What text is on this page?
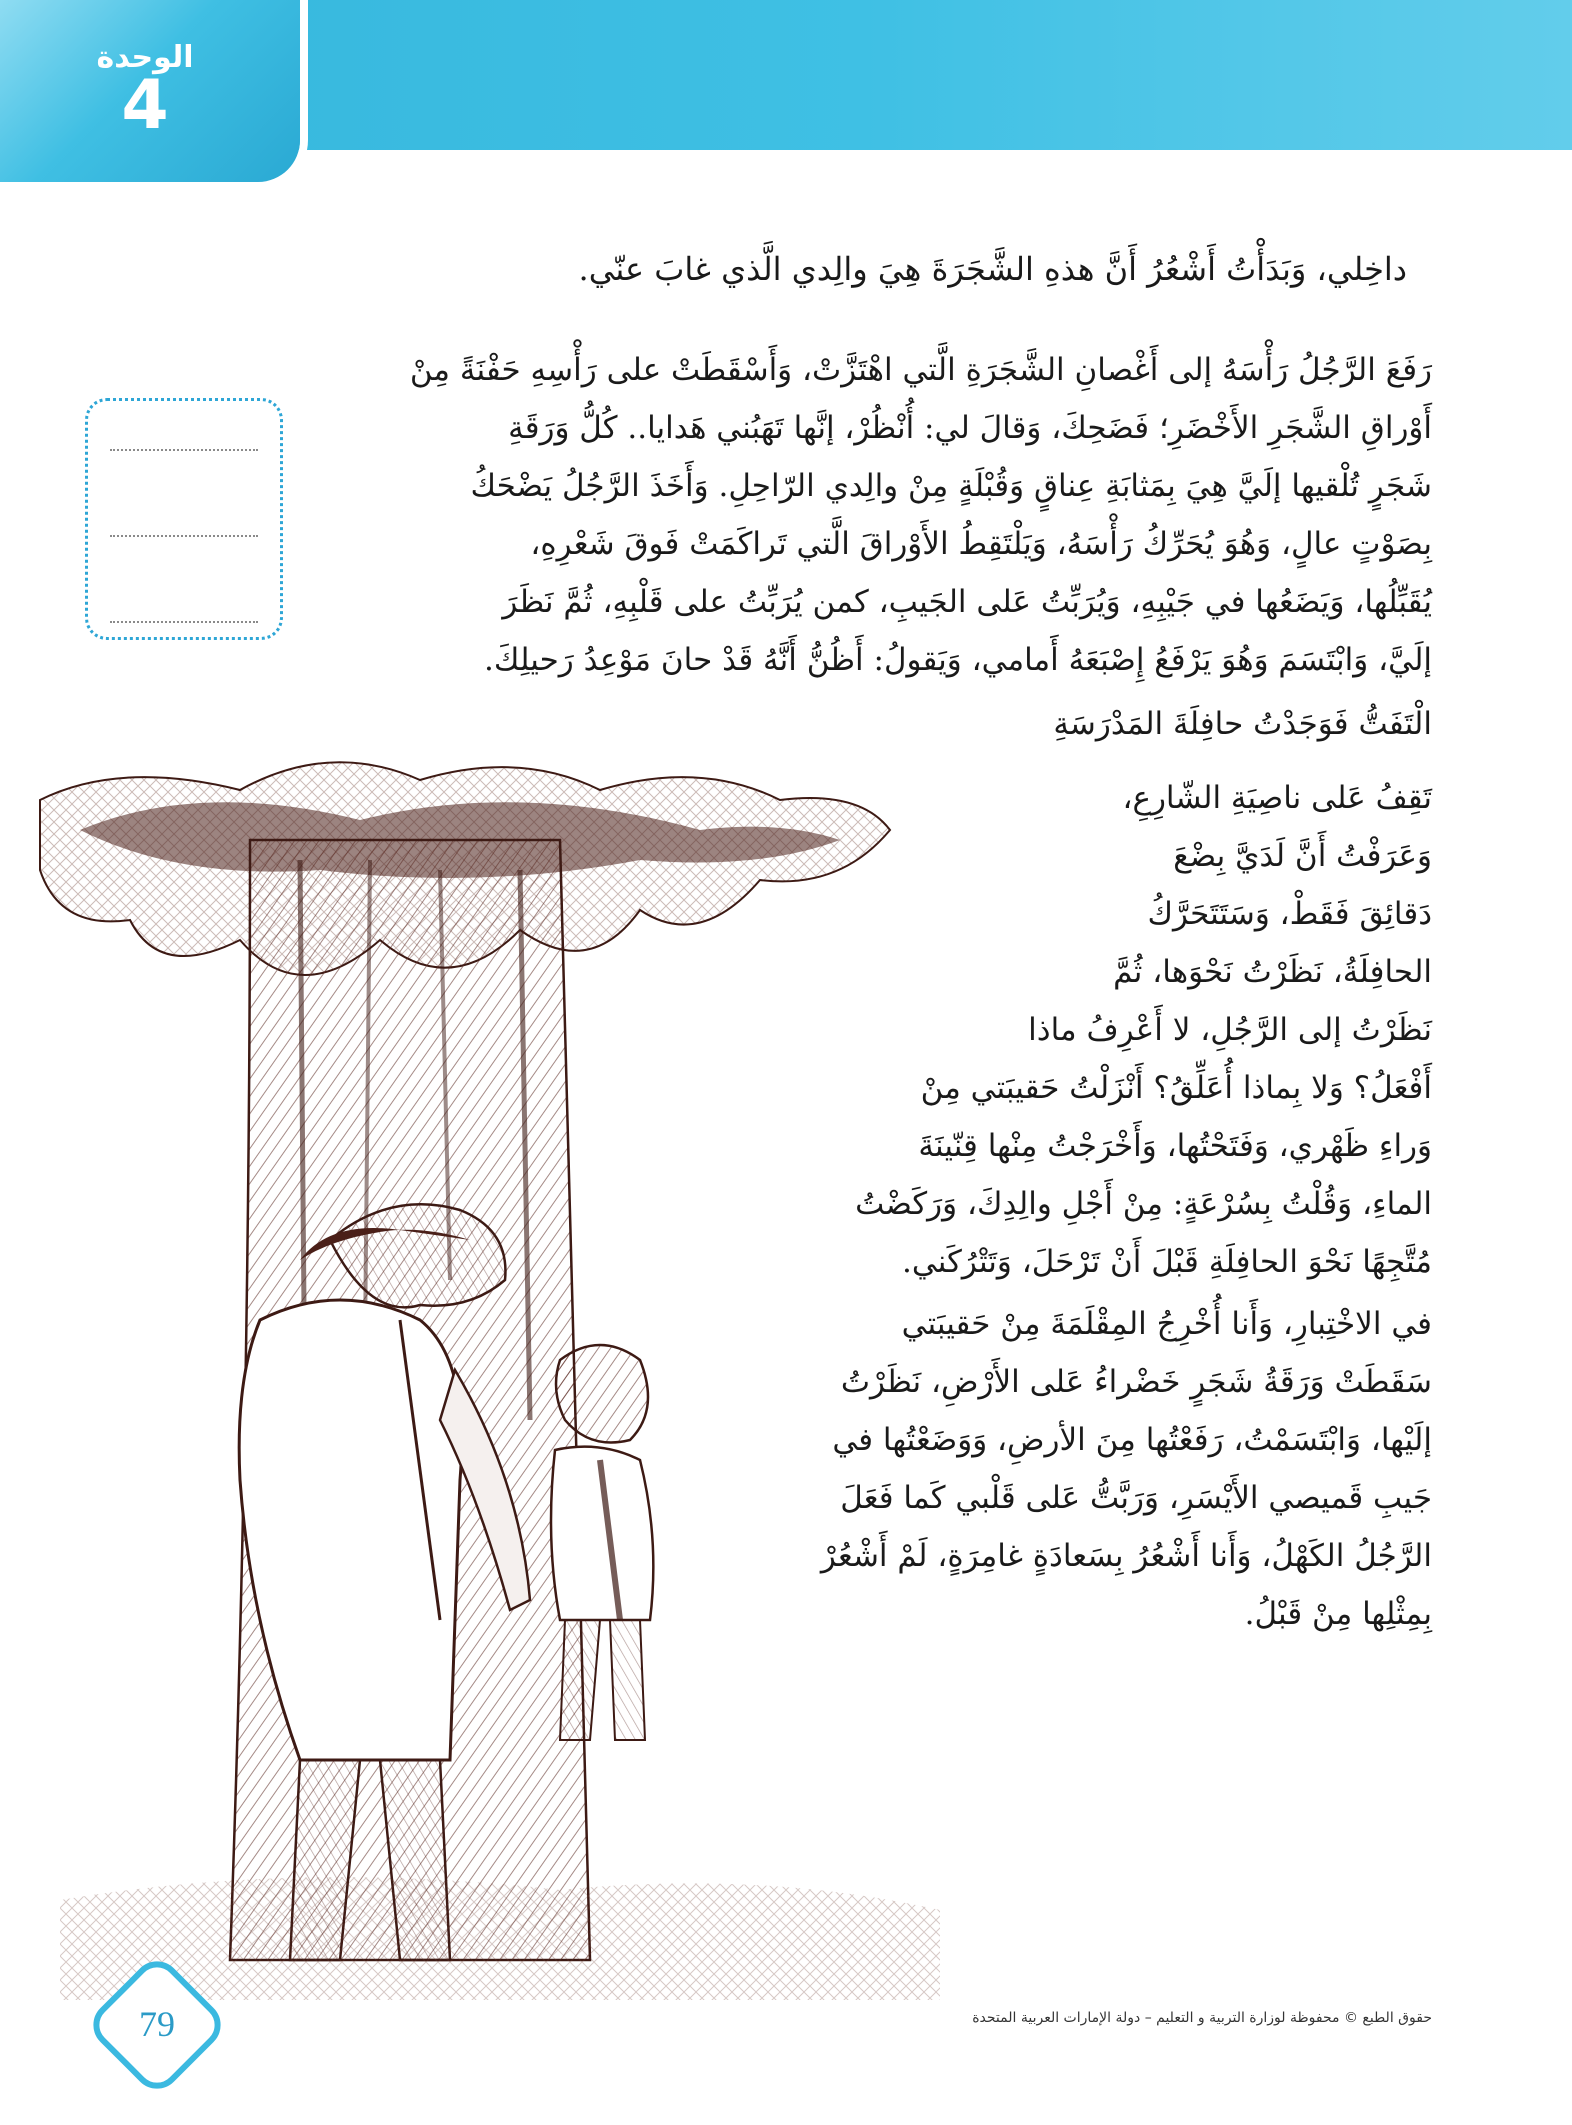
الوحدة
4
داخِلي، وَبَدَأْتُ أَشْعُرُ أَنَّ هذهِ الشَّجَرَةَ هِيَ والِدي الَّذي غابَ عنّي.
رَفَعَ الرَّجُلُ رَأْسَهُ إلى أَغْصانِ الشَّجَرَةِ الَّتي اهْتَزَّتْ، وَأَسْقَطَتْ على رَأْسِهِ حَفْنَةً مِنْ
أَوْراقِ الشَّجَرِ الأَخْضَرِ؛ فَضَحِكَ، وَقالَ لي: أُنْظُرْ، إنَّها تَهَبُني هَدايا.. كُلُّ وَرَقَةِ
شَجَرٍ تُلْقيها إلَيَّ هِيَ بِمَثابَةِ عِناقٍ وَقُبْلَةٍ مِنْ والِدي الرّاحِلِ. وَأَخَذَ الرَّجُلُ يَضْحَكُ
بِصَوْتٍ عالٍ، وَهُوَ يُحَرِّكُ رَأْسَهُ، وَيَلْتَقِطُ الأَوْراقَ الَّتي تَراكَمَتْ فَوقَ شَعْرِهِ،
يُقَبِّلُها، وَيَضَعُها في جَيْبِهِ، وَيُرَبِّتُ عَلى الجَيبِ، كمن يُرَبِّتُ على قَلْبِهِ، ثُمَّ نَظَرَ
إلَيَّ، وَابْتَسَمَ وَهُوَ يَرْفَعُ إِصْبَعَهُ أَمامي، وَيَقولُ: أَظُنُّ أَنَّهُ قَدْ حانَ مَوْعِدُ رَحيلِكَ.
الْتَفَتُّ فَوَجَدْتُ حافِلَةَ المَدْرَسَةِ
تَقِفُ عَلى ناصِيَةِ الشّارِعِ،
وَعَرَفْتُ أَنَّ لَدَيَّ بِضْعَ
دَقائِقَ فَقَطْ، وَسَتَتَحَرَّكُ
الحافِلَةُ، نَظَرْتُ نَحْوَها، ثُمَّ
نَظَرْتُ إلى الرَّجُلِ، لا أَعْرِفُ ماذا
أَفْعَلُ؟ وَلا بِماذا أُعَلِّقُ؟ أَنْزَلْتُ حَقيبَتي مِنْ
وَراءِ ظَهْري، وَفَتَحْتُها، وَأَخْرَجْتُ مِنْها قِنّينَةَ
الماءِ، وَقُلْتُ بِسُرْعَةٍ: مِنْ أَجْلِ والِدِكَ، وَرَكَضْتُ
مُتَّجِهًا نَحْوَ الحافِلَةِ قَبْلَ أَنْ تَرْحَلَ، وَتَتْرُكَني.
في الاخْتِبارِ، وَأَنا أُخْرِجُ المِقْلَمَةَ مِنْ حَقيبَتي
سَقَطَتْ وَرَقَةُ شَجَرٍ خَضْراءُ عَلى الأَرْضِ، نَظَرْتُ
إلَيْها، وَابْتَسَمْتُ، رَفَعْتُها مِنَ الأرضِ، وَوَضَعْتُها في
جَيبِ قَميصي الأَيْسَرِ، وَرَبَّتُّ عَلى قَلْبي كَما فَعَلَ
الرَّجُلُ الكَهْلُ، وَأَنا أَشْعُرُ بِسَعادَةٍ غامِرَةٍ، لَمْ أَشْعُرْ
بِمِثْلِها مِنْ قَبْلُ.
79	حقوق الطبع © محفوظة لوزارة التربية و التعليم – دولة الإمارات العربية المتحدة
